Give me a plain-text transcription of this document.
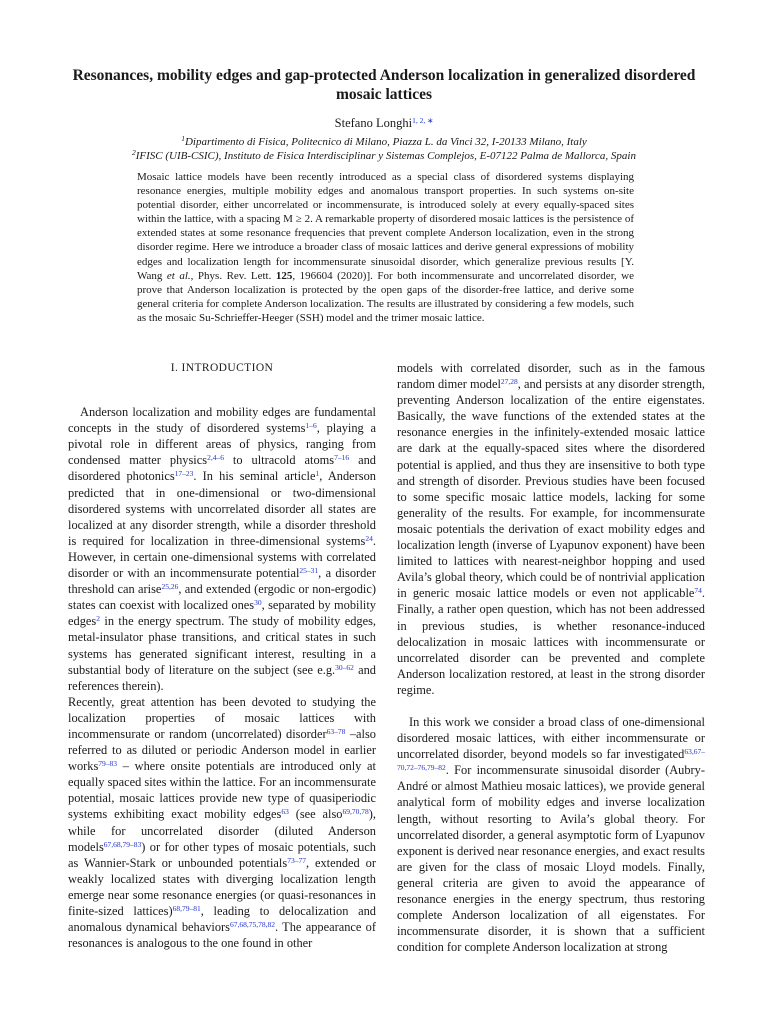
Resonances, mobility edges and gap-protected Anderson localization in generalized disordered mosaic lattices
Stefano Longhi$^{1, 2, ∗}$
$^1$Dipartimento di Fisica, Politecnico di Milano, Piazza L. da Vinci 32, I-20133 Milano, Italy
$^2$IFISC (UIB-CSIC), Instituto de Fisica Interdisciplinar y Sistemas Complejos, E-07122 Palma de Mallorca, Spain
Mosaic lattice models have been recently introduced as a special class of disordered systems displaying resonance energies, multiple mobility edges and anomalous transport properties. In such systems on-site potential disorder, either uncorrelated or incommensurate, is introduced solely at every equally-spaced sites within the lattice, with a spacing M ≥ 2. A remarkable property of disordered mosaic lattices is the persistence of extended states at some resonance frequencies that prevent complete Anderson localization, even in the strong disorder regime. Here we introduce a broader class of mosaic lattices and derive general expressions of mobility edges and localization length for incommensurate sinusoidal disorder, which generalize previous results [Y. Wang et al., Phys. Rev. Lett. 125, 196604 (2020)]. For both incommensurate and uncorrelated disorder, we prove that Anderson localization is protected by the open gaps of the disorder-free lattice, and derive some general criteria for complete Anderson localization. The results are illustrated by considering a few models, such as the mosaic Su-Schrieffer-Heeger (SSH) model and the trimer mosaic lattice.
I. INTRODUCTION

Anderson localization and mobility edges are fundamental concepts in the study of disordered systems$^{1-6}$, playing a pivotal role in different areas of physics, ranging from condensed matter physics$^{2,4-6}$ to ultracold atoms$^{7-16}$ and disordered photonics$^{17-23}$. In his seminal article$^1$, Anderson predicted that in one-dimensional or two-dimensional disordered systems with uncorrelated disorder all states are localized at any disorder strength, while a disorder threshold is required for localization in three-dimensional systems$^{24}$. However, in certain one-dimensional systems with correlated disorder or with an incommensurate potential$^{25-31}$, a disorder threshold can arise$^{25,26}$, and extended (ergodic or non-ergodic) states can coexist with localized ones$^{30}$, separated by mobility edges$^2$ in the energy spectrum. The study of mobility edges, metal-insulator phase transitions, and critical states in such systems has generated significant interest, resulting in a substantial body of literature on the subject (see e.g.$^{30-62}$ and references therein).

Recently, great attention has been devoted to studying the localization properties of mosaic lattices with incommensurate or random (uncorrelated) disorder$^{63-78}$ –also referred to as diluted or periodic Anderson model in earlier works$^{79-83}$ – where onsite potentials are introduced only at equally spaced sites within the lattice. For an incommensurate potential, mosaic lattices provide new type of quasiperiodic systems exhibiting exact mobility edges$^{63}$ (see also$^{69,70,78}$), while for uncorrelated disorder (diluted Anderson models$^{67,68,79-83}$) or for other types of mosaic potentials, such as Wannier-Stark or unbounded potentials$^{73-77}$, extended or weakly localized states with diverging localization length emerge near some resonance energies (or quasi-resonances in finite-sized lattices)$^{68,79-81}$, leading to delocalization and anomalous dynamical behaviors$^{67,68,75,78,82}$. The appearance of resonances is analogous to the one found in other

models with correlated disorder, such as in the famous random dimer model$^{27,28}$, and persists at any disorder strength, preventing Anderson localization of the entire eigenstates. Basically, the wave functions of the extended states at the resonance energies in the infinitely-extended mosaic lattice are dark at the equally-spaced sites where the disordered potential is applied, and thus they are insensitive to both type and strength of disorder. Previous studies have been focused to some specific mosaic lattice models, lacking for some generality of the results. For example, for incommensurate mosaic potentials the derivation of exact mobility edges and localization length (inverse of Lyapunov exponent) have been limited to lattices with nearest-neighbor hopping and used Avila’s global theory, which could be of nontrivial application in generic mosaic lattice models or even not applicable$^{74}$. Finally, a rather open question, which has not been addressed in previous studies, is whether resonance-induced delocalization in mosaic lattices with incommensurate or uncorrelated disorder can be prevented and complete Anderson localization restored, at least in the strong disorder regime.

In this work we consider a broad class of one-dimensional disordered mosaic lattices, with either incommensurate or uncorrelated disorder, beyond models so far investigated$^{63,67-70,72-76,79-82}$. For incommensurate sinusoidal disorder (Aubry-André or almost Mathieu mosaic lattices), we provide general analytical form of mobility edges and inverse localization length, without resorting to Avila’s global theory. For uncorrelated disorder, a general asymptotic form of Lyapunov exponent is derived near resonance energies, and exact results are given for the class of mosaic Lloyd models. Finally, general criteria are given to avoid the appearance of resonance energies in the energy spectrum, thus restoring complete Anderson localization of all eigenstates. For incommensurate disorder, it is shown that a sufficient condition for complete Anderson localization at strong
